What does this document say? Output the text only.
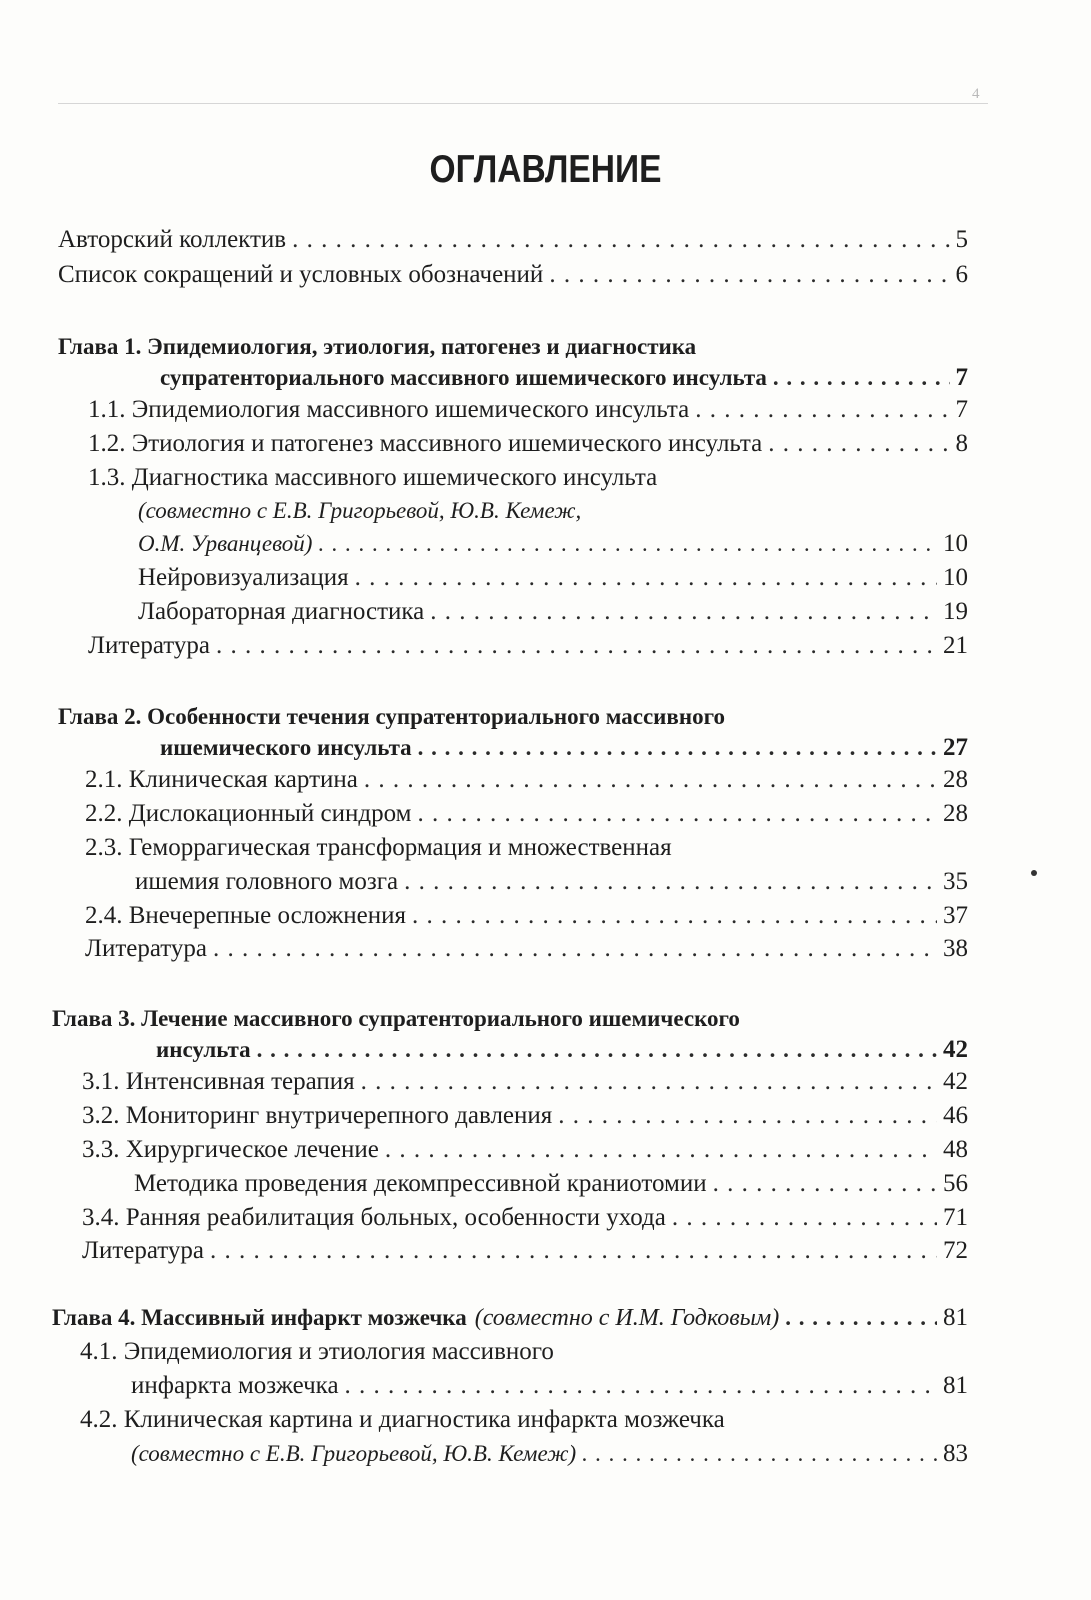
4
ОГЛАВЛЕНИЕ
Авторский коллектив . . .	5
Список сокращений и условных обозначений . . .	6
Глава 1. Эпидемиология, этиология, патогенез и диагностика
супратенториального массивного ишемического инсульта . . .	7
1.1. Эпидемиология массивного ишемического инсульта . . .	7
1.2. Этиология и патогенез массивного ишемического инсульта . . .	8
1.3. Диагностика массивного ишемического инсульта
(совместно с Е.В. Григорьевой, Ю.В. Кемеж,
О.М. Урванцевой) . . .	10
Нейровизуализация . . .	10
Лабораторная диагностика . . .	19
Литература . . .	21
Глава 2. Особенности течения супратенториального массивного
ишемического инсульта . . .	27
2.1. Клиническая картина . . .	28
2.2. Дислокационный синдром . . .	28
2.3. Геморрагическая трансформация и множественная
ишемия головного мозга . . .	35
2.4. Внечерепные осложнения . . .	37
Литература . . .	38
Глава 3. Лечение массивного супратенториального ишемического
инсульта . . .	42
3.1. Интенсивная терапия . . .	42
3.2. Мониторинг внутричерепного давления . . .	46
3.3. Хирургическое лечение . . .	48
Методика проведения декомпрессивной краниотомии . . .	56
3.4. Ранняя реабилитация больных, особенности ухода . . .	71
Литература . . .	72
Глава 4. Массивный инфаркт мозжечка (совместно с И.М. Годковым) . . .	81
4.1. Эпидемиология и этиология массивного
инфаркта мозжечка . . .	81
4.2. Клиническая картина и диагностика инфаркта мозжечка
(совместно с Е.В. Григорьевой, Ю.В. Кемеж) . . .	83
